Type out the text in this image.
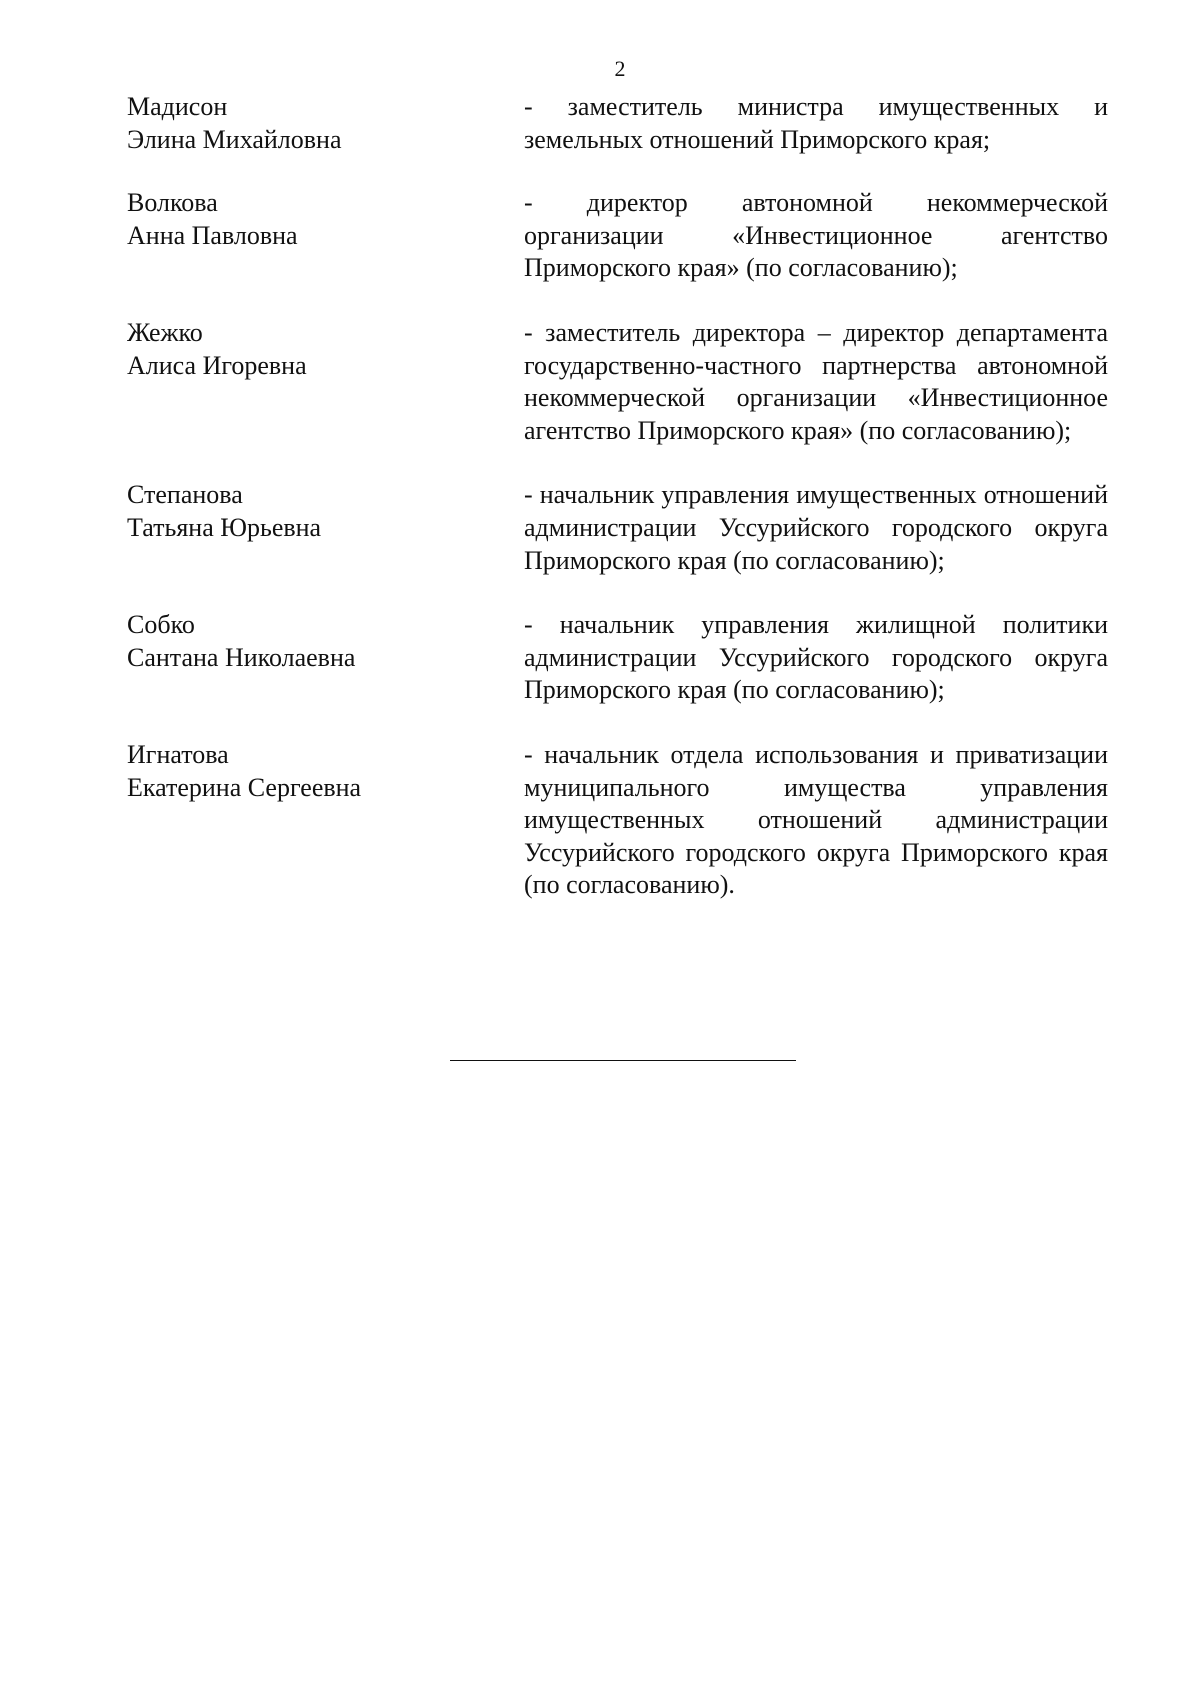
2
Мадисон
Элина Михайловна
- заместитель министра имущественных и земельных отношений Приморского края;
Волкова
Анна Павловна
- директор автономной некоммерческой организации «Инвестиционное агентство Приморского края» (по согласованию);
Жежко
Алиса Игоревна
- заместитель директора – директор департамента государственно-частного партнерства автономной некоммерческой организации «Инвестиционное агентство Приморского края» (по согласованию);
Степанова
Татьяна Юрьевна
- начальник управления имущественных отношений администрации Уссурийского городского округа Приморского края (по согласованию);
Собко
Сантана Николаевна
- начальник управления жилищной политики администрации Уссурийского городского округа Приморского края (по согласованию);
Игнатова
Екатерина Сергеевна
- начальник отдела использования и приватизации муниципального имущества управления имущественных отношений администрации Уссурийского городского округа Приморского края (по согласованию).
